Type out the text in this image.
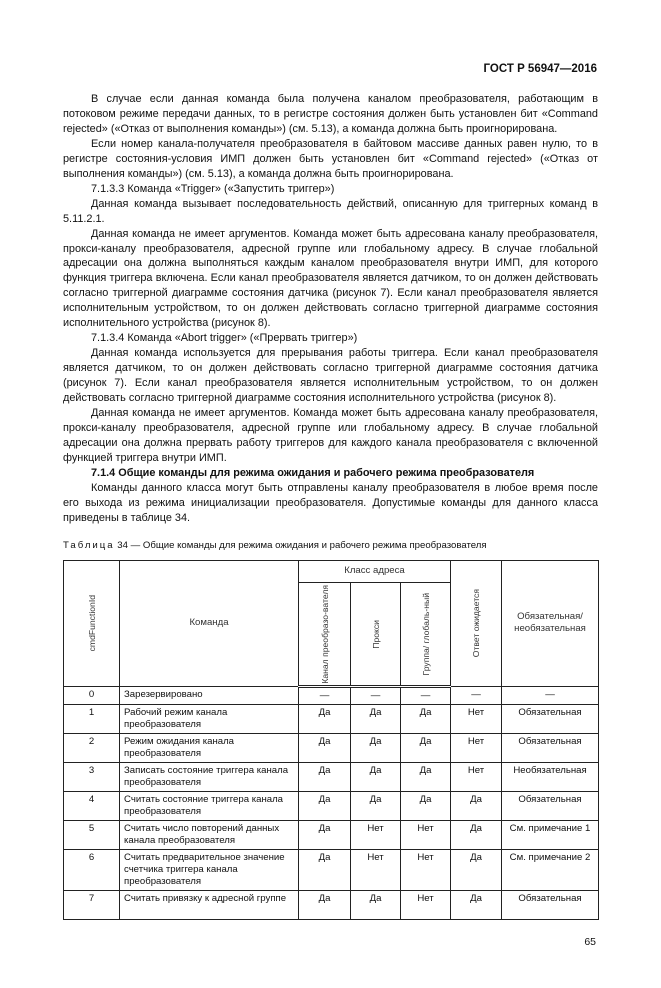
ГОСТ Р 56947—2016

В случае если данная команда была получена каналом преобразователя, работающим в потоковом режиме передачи данных, то в регистре состояния должен быть установлен бит «Command rejected» («Отказ от выполнения команды») (см. 5.13), а команда должна быть проигнорирована.

Если номер канала-получателя преобразователя в байтовом массиве данных равен нулю, то в регистре состояния-условия ИМП должен быть установлен бит «Command rejected» («Отказ от выполнения команды») (см. 5.13), а команда должна быть проигнорирована.

7.1.3.3 Команда «Trigger» («Запустить триггер»)

Данная команда вызывает последовательность действий, описанную для триггерных команд в 5.11.2.1.

Данная команда не имеет аргументов. Команда может быть адресована каналу преобразователя, прокси-каналу преобразователя, адресной группе или глобальному адресу. В случае глобальной адресации она должна выполняться каждым каналом преобразователя внутри ИМП, для которого функция триггера включена. Если канал преобразователя является датчиком, то он должен действовать согласно триггерной диаграмме состояния датчика (рисунок 7). Если канал преобразователя является исполнительным устройством, то он должен действовать согласно триггерной диаграмме состояния исполнительного устройства (рисунок 8).

7.1.3.4 Команда «Abort trigger» («Прервать триггер»)

Данная команда используется для прерывания работы триггера. Если канал преобразователя является датчиком, то он должен действовать согласно триггерной диаграмме состояния датчика (рисунок 7). Если канал преобразователя является исполнительным устройством, то он должен действовать согласно триггерной диаграмме состояния исполнительного устройства (рисунок 8).

Данная команда не имеет аргументов. Команда может быть адресована каналу преобразователя, прокси-каналу преобразователя, адресной группе или глобальному адресу. В случае глобальной адресации она должна прервать работу триггеров для каждого канала преобразователя с включенной функцией триггера внутри ИМП.

7.1.4 Общие команды для режима ожидания и рабочего режима преобразователя

Команды данного класса могут быть отправлены каналу преобразователя в любое время после его выхода из режима инициализации преобразователя. Допустимые команды для данного класса приведены в таблице 34.

Таблица 34 — Общие команды для режима ожидания и рабочего режима преобразователя
cmdFunctionId	Команда	Класс адреса			Ответ ожидается	Обязательная/ необязательная

		Канал преобразо-вателя	Прокси	Группа/ глобаль-ный		

0	Зарезервировано	—	—	—	—	—
1	Рабочий режим канала преобразователя	Да	Да	Да	Нет	Обязательная
2	Режим ожидания канала преобразователя	Да	Да	Да	Нет	Обязательная
3	Записать состояние триггера канала преобразователя	Да	Да	Да	Нет	Необязательная
4	Считать состояние триггера канала преобразователя	Да	Да	Да	Да	Обязательная
5	Считать число повторений данных канала преобразователя	Да	Нет	Нет	Да	См. примечание 1
6	Считать предварительное значение счетчика триггера канала преобразователя	Да	Нет	Нет	Да	См. примечание 2
7	Считать привязку к адресной группе	Да	Да	Нет	Да	Обязательная
65
